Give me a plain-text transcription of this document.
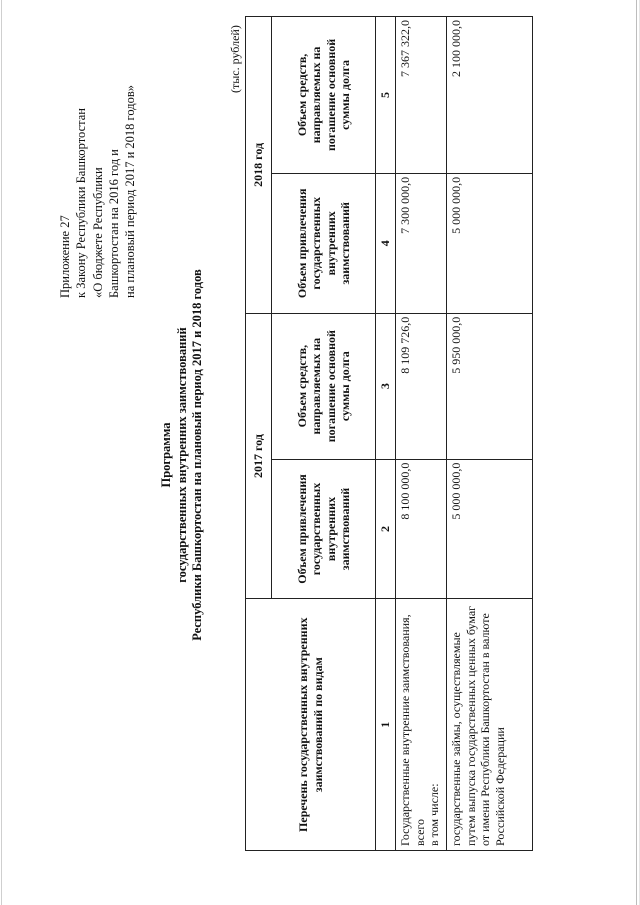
Приложение 27 к Закону Республики Башкортостан «О бюджете Республики Башкортостан на 2016 год и на плановый период 2017 и 2018 годов»
Программа государственных внутренних заимствований Республики Башкортостан на плановый период 2017 и 2018 годов
(тыс. рублей)
Перечень государственных внутренних заимствований по видам	2017 год		2018 год	
	Объем привлечения государственных внутренних заимствований	Объем средств, направляемых на погашение основной суммы долга	Объем привлечения государственных внутренних заимствований	Объем средств, направляемых на погашение основной суммы долга
1	2	3	4	5

Государственные внутренние заимствования, всего в том числе:	8 100 000,0	8 109 726,0	7 300 000,0	7 367 322,0
государственные займы, осуществляемые путем выпуска государственных ценных бумаг от имени Республики Башкортостан в валюте Российской Федерации	5 000 000,0	5 950 000,0	5 000 000,0	2 100 000,0
